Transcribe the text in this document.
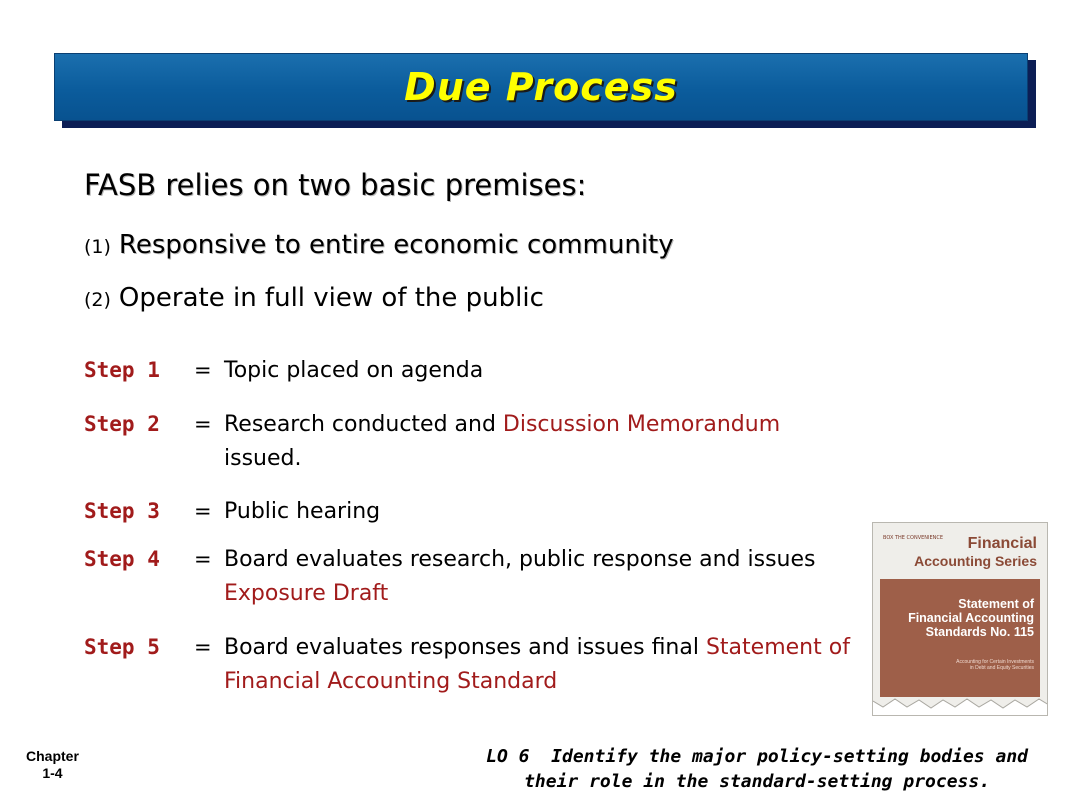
Due Process
FASB relies on two basic premises:
(1) Responsive to entire economic community
(2) Operate in full view of the public
Step 1 = Topic placed on agenda
Step 2 = Research conducted and Discussion Memorandum issued.
Step 3 = Public hearing
Step 4 = Board evaluates research, public response and issues Exposure Draft
Step 5 = Board evaluates responses and issues final Statement of Financial Accounting Standard
BOX THE CONVENIENCE Financial
Accounting Series
Statement of
Financial Accounting
Standards No. 115
Accounting for Certain Investments
in Debt and Equity Securities
Chapter
1-4
LO 6  Identify the major policy-setting bodies and
their role in the standard-setting process.
